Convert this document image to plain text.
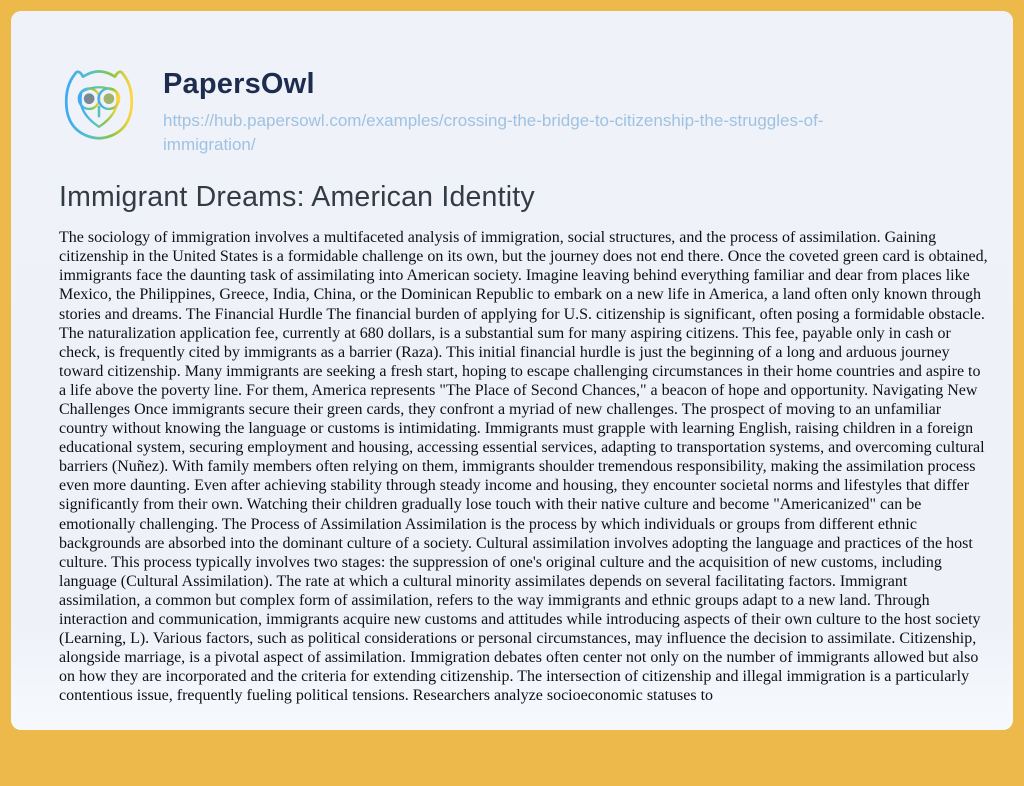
PapersOwl
https://hub.papersowl.com/examples/crossing-the-bridge-to-citizenship-the-struggles-of-immigration/
Immigrant Dreams: American Identity
The sociology of immigration involves a multifaceted analysis of immigration, social structures, and the process of assimilation. Gaining citizenship in the United States is a formidable challenge on its own, but the journey does not end there. Once the coveted green card is obtained, immigrants face the daunting task of assimilating into American society. Imagine leaving behind everything familiar and dear from places like Mexico, the Philippines, Greece, India, China, or the Dominican Republic to embark on a new life in America, a land often only known through stories and dreams. The Financial Hurdle The financial burden of applying for U.S. citizenship is significant, often posing a formidable obstacle. The naturalization application fee, currently at 680 dollars, is a substantial sum for many aspiring citizens. This fee, payable only in cash or check, is frequently cited by immigrants as a barrier (Raza). This initial financial hurdle is just the beginning of a long and arduous journey toward citizenship. Many immigrants are seeking a fresh start, hoping to escape challenging circumstances in their home countries and aspire to a life above the poverty line. For them, America represents "The Place of Second Chances," a beacon of hope and opportunity. Navigating New Challenges Once immigrants secure their green cards, they confront a myriad of new challenges. The prospect of moving to an unfamiliar country without knowing the language or customs is intimidating. Immigrants must grapple with learning English, raising children in a foreign educational system, securing employment and housing, accessing essential services, adapting to transportation systems, and overcoming cultural barriers (Nuñez). With family members often relying on them, immigrants shoulder tremendous responsibility, making the assimilation process even more daunting. Even after achieving stability through steady income and housing, they encounter societal norms and lifestyles that differ significantly from their own. Watching their children gradually lose touch with their native culture and become "Americanized" can be emotionally challenging. The Process of Assimilation Assimilation is the process by which individuals or groups from different ethnic backgrounds are absorbed into the dominant culture of a society. Cultural assimilation involves adopting the language and practices of the host culture. This process typically involves two stages: the suppression of one's original culture and the acquisition of new customs, including language (Cultural Assimilation). The rate at which a cultural minority assimilates depends on several facilitating factors. Immigrant assimilation, a common but complex form of assimilation, refers to the way immigrants and ethnic groups adapt to a new land. Through interaction and communication, immigrants acquire new customs and attitudes while introducing aspects of their own culture to the host society (Learning, L). Various factors, such as political considerations or personal circumstances, may influence the decision to assimilate. Citizenship, alongside marriage, is a pivotal aspect of assimilation. Immigration debates often center not only on the number of immigrants allowed but also on how they are incorporated and the criteria for extending citizenship. The intersection of citizenship and illegal immigration is a particularly contentious issue, frequently fueling political tensions. Researchers analyze socioeconomic statuses to
